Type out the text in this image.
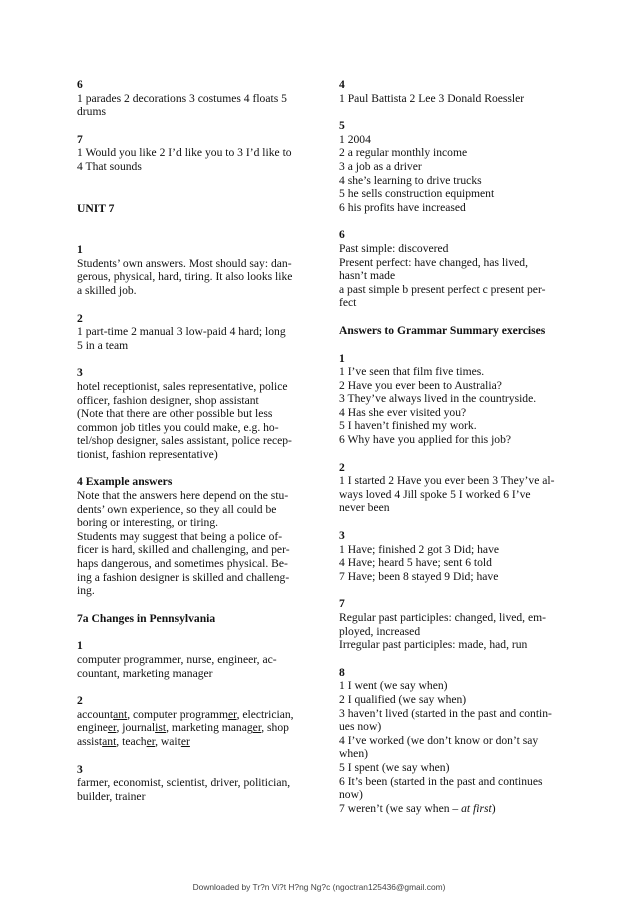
6
1 parades 2 decorations 3 costumes 4 floats 5
drums
7
1 Would you like 2 I’d like you to 3 I’d like to
4 That sounds
UNIT 7
1
Students’ own answers. Most should say: dan-
gerous, physical, hard, tiring. It also looks like
a skilled job.
2
1 part-time 2 manual 3 low-paid 4 hard; long
5 in a team
3
hotel receptionist, sales representative, police
officer, fashion designer, shop assistant
(Note that there are other possible but less
common job titles you could make, e.g. ho-
tel/shop designer, sales assistant, police recep-
tionist, fashion representative)
4 Example answers
Note that the answers here depend on the stu-
dents’ own experience, so they all could be
boring or interesting, or tiring.
Students may suggest that being a police of-
ficer is hard, skilled and challenging, and per-
haps dangerous, and sometimes physical. Be-
ing a fashion designer is skilled and challeng-
ing.
7a Changes in Pennsylvania
1
computer programmer, nurse, engineer, ac-
countant, marketing manager
2
accountant, computer programmer, electrician,
engineer, journalist, marketing manager, shop
assistant, teacher, waiter
3
farmer, economist, scientist, driver, politician,
builder, trainer
4
1 Paul Battista 2 Lee 3 Donald Roessler
5
1 2004
2 a regular monthly income
3 a job as a driver
4 she’s learning to drive trucks
5 he sells construction equipment
6 his profits have increased
6
Past simple: discovered
Present perfect: have changed, has lived,
hasn’t made
a past simple b present perfect c present per-
fect
Answers to Grammar Summary exercises
1
1 I’ve seen that film five times.
2 Have you ever been to Australia?
3 They’ve always lived in the countryside.
4 Has she ever visited you?
5 I haven’t finished my work.
6 Why have you applied for this job?
2
1 I started 2 Have you ever been 3 They’ve al-
ways loved 4 Jill spoke 5 I worked 6 I’ve
never been
3
1 Have; finished 2 got 3 Did; have
4 Have; heard 5 have; sent 6 told
7 Have; been 8 stayed 9 Did; have
7
Regular past participles: changed, lived, em-
ployed, increased
Irregular past participles: made, had, run
8
1 I went (we say when)
2 I qualified (we say when)
3 haven’t lived (started in the past and contin-
ues now)
4 I’ve worked (we don’t know or don’t say
when)
5 I spent (we say when)
6 It’s been (started in the past and continues
now)
7 weren’t (we say when – at first)
Downloaded by Tr?n Vi?t H?ng Ng?c (ngoctran125436@gmail.com)
